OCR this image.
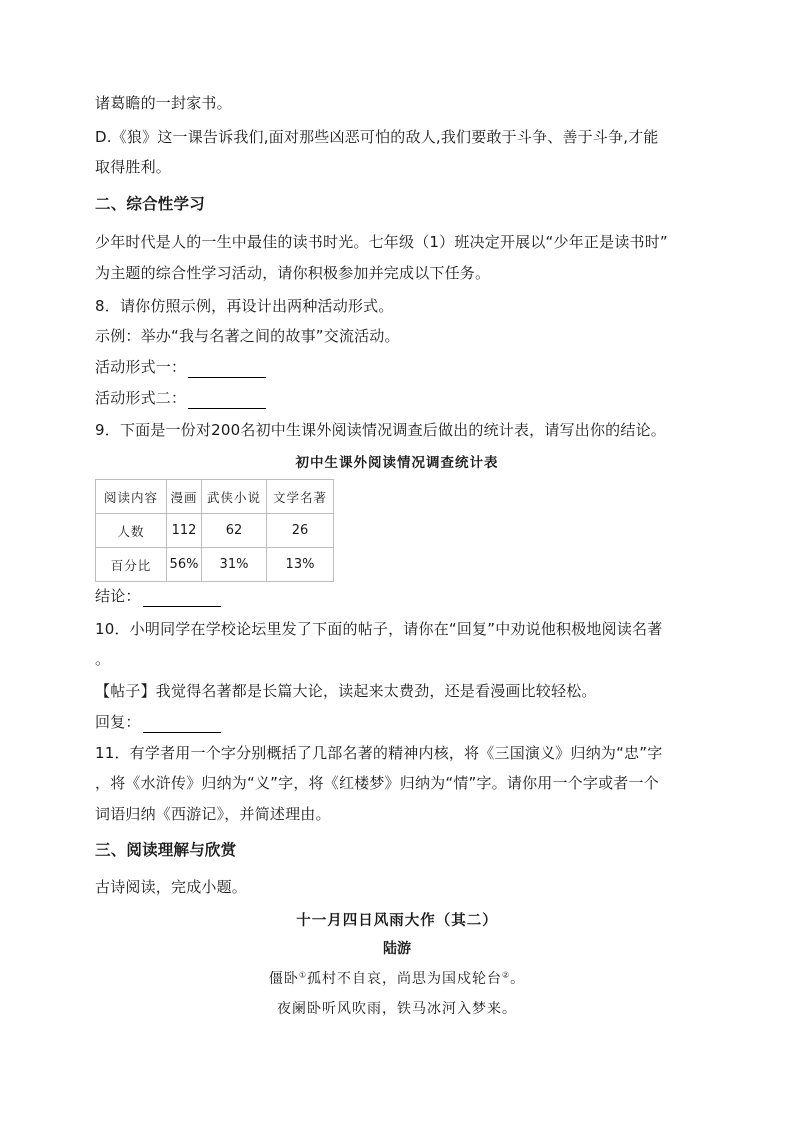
诸葛瞻的一封家书。
D.《狼》这一课告诉我们,面对那些凶恶可怕的敌人,我们要敢于斗争、善于斗争,才能
取得胜利。
二、综合性学习
少年时代是人的一生中最佳的读书时光。七年级（1）班决定开展以“少年正是读书时”
为主题的综合性学习活动，请你积极参加并完成以下任务。
8．请你仿照示例，再设计出两种活动形式。
示例：举办“我与名著之间的故事”交流活动。
活动形式一：
活动形式二：
9．下面是一份对200名初中生课外阅读情况调查后做出的统计表，请写出你的结论。
初中生课外阅读情况调查统计表
阅读内容	漫画	武侠小说	文学名著
人数	112	62	26
百分比	56%	31%	13%
结论：
10．小明同学在学校论坛里发了下面的帖子，请你在“回复”中劝说他积极地阅读名著
。
【帖子】我觉得名著都是长篇大论，读起来太费劲，还是看漫画比较轻松。
回复：
11．有学者用一个字分别概括了几部名著的精神内核，将《三国演义》归纳为“忠”字
，将《水浒传》归纳为“义”字，将《红楼梦》归纳为“情”字。请你用一个字或者一个
词语归纳《西游记》，并简述理由。
三、阅读理解与欣赏
古诗阅读，完成小题。
十一月四日风雨大作（其二）
陆游
僵卧①孤村不自哀，尚思为国戍轮台②。
夜阑卧听风吹雨，铁马冰河入梦来。
